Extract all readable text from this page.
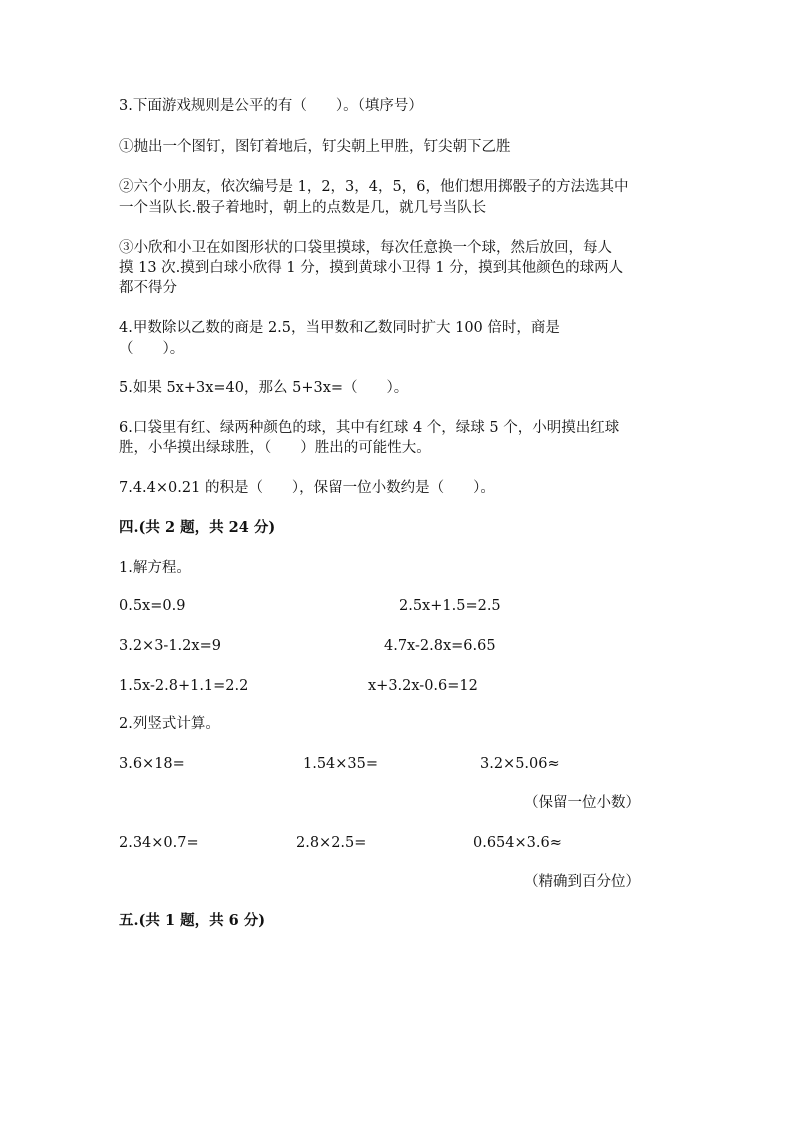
3.下面游戏规则是公平的有（　　）。（填序号）
①抛出一个图钉，图钉着地后，钉尖朝上甲胜，钉尖朝下乙胜
②六个小朋友，依次编号是 1，2，3，4，5，6，他们想用掷骰子的方法选其中
一个当队长.骰子着地时，朝上的点数是几，就几号当队长
③小欣和小卫在如图形状的口袋里摸球，每次任意换一个球，然后放回，每人
摸 13 次.摸到白球小欣得 1 分，摸到黄球小卫得 1 分，摸到其他颜色的球两人
都不得分
4.甲数除以乙数的商是 2.5，当甲数和乙数同时扩大 100 倍时，商是
（　　）。
5.如果 5x+3x=40，那么 5+3x=（　　）。
6.口袋里有红、绿两种颜色的球，其中有红球 4 个，绿球 5 个，小明摸出红球
胜，小华摸出绿球胜，（　　）胜出的可能性大。
7.4.4×0.21 的积是（　　），保留一位小数约是（　　）。
四.(共 2 题，共 24 分)
1.解方程。
0.5x=0.9	2.5x+1.5=2.5
3.2×3-1.2x=9	4.7x-2.8x=6.65
1.5x-2.8+1.1=2.2	x+3.2x-0.6=12
2.列竖式计算。
3.6×18=	1.54×35=	3.2×5.06≈
（保留一位小数）
2.34×0.7=	2.8×2.5=	0.654×3.6≈
（精确到百分位）
五.(共 1 题，共 6 分)
